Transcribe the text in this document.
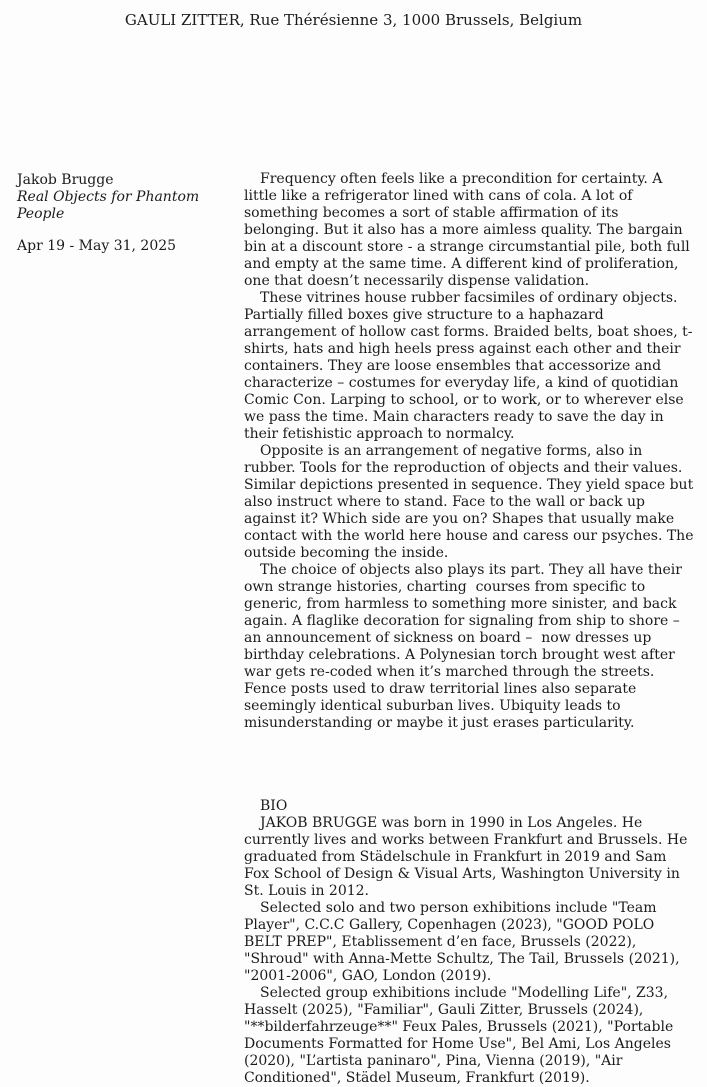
GAULI ZITTER, Rue Thérésienne 3, 1000 Brussels, Belgium
Jakob Brugge
Real Objects for Phantom People
Apr 19 - May 31, 2025

Frequency often feels like a precondition for certainty. A little like a refrigerator lined with cans of cola. A lot of something becomes a sort of stable affirmation of its belonging. But it also has a more aimless quality. The bargain bin at a discount store - a strange circumstantial pile, both full and empty at the same time. A different kind of proliferation, one that doesn’t necessarily dispense validation.

These vitrines house rubber facsimiles of ordinary objects. Partially filled boxes give structure to a haphazard arrangement of hollow cast forms. Braided belts, boat shoes, t-shirts, hats and high heels press against each other and their containers. They are loose ensembles that accessorize and characterize – costumes for everyday life, a kind of quotidian Comic Con. Larping to school, or to work, or to wherever else we pass the time. Main characters ready to save the day in their fetishistic approach to normalcy.

Opposite is an arrangement of negative forms, also in rubber. Tools for the reproduction of objects and their values. Similar depictions presented in sequence. They yield space but also instruct where to stand. Face to the wall or back up against it? Which side are you on? Shapes that usually make contact with the world here house and caress our psyches. The outside becoming the inside.

The choice of objects also plays its part. They all have their own strange histories, charting  courses from specific to generic, from harmless to something more sinister, and back again. A flaglike decoration for signaling from ship to shore – an announcement of sickness on board –  now dresses up birthday celebrations. A Polynesian torch brought west after war gets re-coded when it’s marched through the streets. Fence posts used to draw territorial lines also separate seemingly identical suburban lives. Ubiquity leads to misunderstanding or maybe it just erases particularity.

BIO

JAKOB BRUGGE was born in 1990 in Los Angeles. He currently lives and works between Frankfurt and Brussels. He graduated from Städelschule in Frankfurt in 2019 and Sam Fox School of Design & Visual Arts, Washington University in St. Louis in 2012.

Selected solo and two person exhibitions include "Team Player", C.C.C Gallery, Copenhagen (2023), "GOOD POLO BELT PREP", Etablissement d’en face, Brussels (2022), "Shroud" with Anna-Mette Schultz, The Tail, Brussels (2021), "2001-2006", GAO, London (2019).

Selected group exhibitions include "Modelling Life", Z33, Hasselt (2025), "Familiar", Gauli Zitter, Brussels (2024), "**bilderfahrzeuge**" Feux Pales, Brussels (2021), "Portable Documents Formatted for Home Use", Bel Ami, Los Angeles (2020), "L’artista paninaro", Pina, Vienna (2019), "Air Conditioned", Städel Museum, Frankfurt (2019).
